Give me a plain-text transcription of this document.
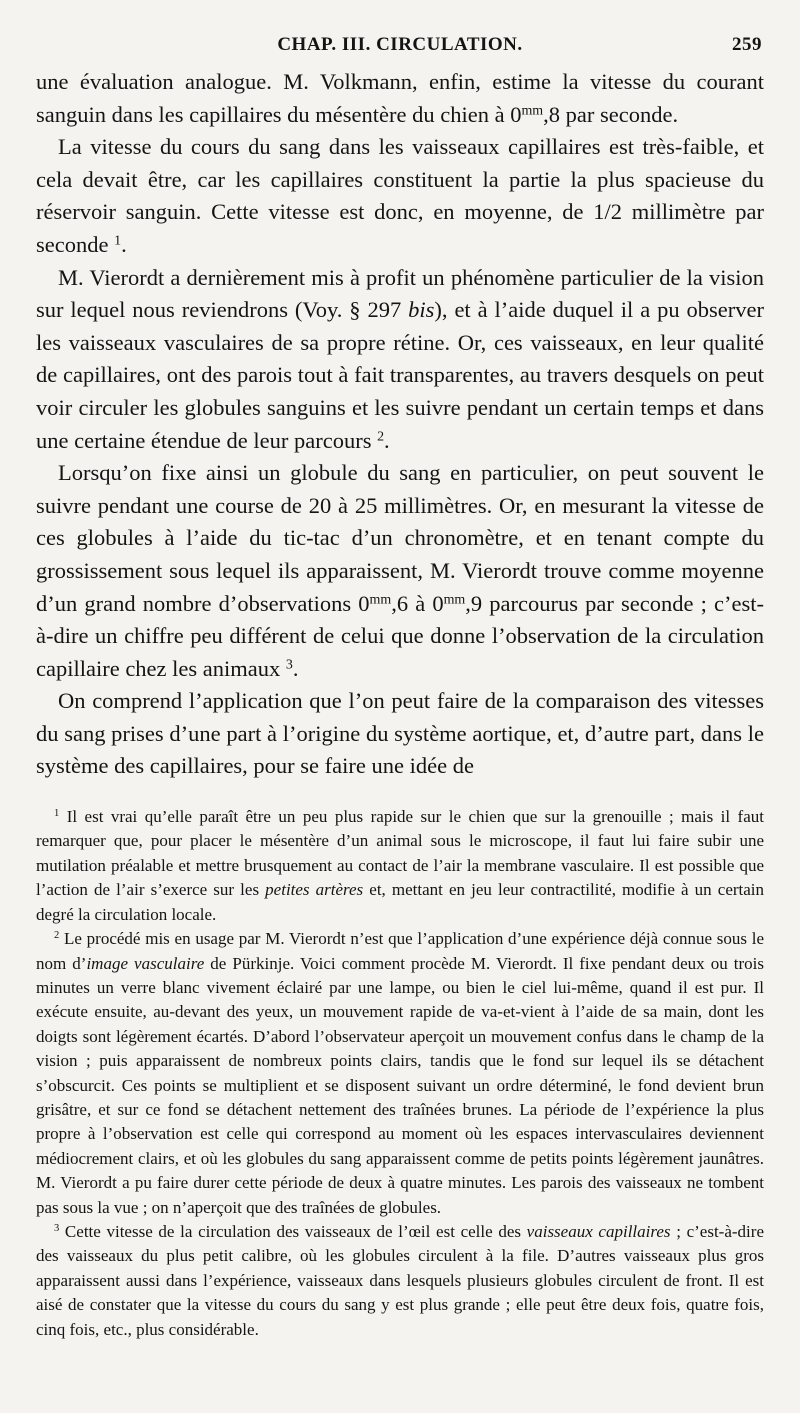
CHAP. III. CIRCULATION.	259

une évaluation analogue. M. Volkmann, enfin, estime la vitesse du courant sanguin dans les capillaires du mésentère du chien à $0^{mm},8$ par seconde.

La vitesse du cours du sang dans les vaisseaux capillaires est très-faible, et cela devait être, car les capillaires constituent la partie la plus spacieuse du réservoir sanguin. Cette vitesse est donc, en moyenne, de 1/2 millimètre par seconde $^1$.

M. Vierordt a dernièrement mis à profit un phénomène particulier de la vision sur lequel nous reviendrons (Voy. § 297 bis), et à l’aide duquel il a pu observer les vaisseaux vasculaires de sa propre rétine. Or, ces vaisseaux, en leur qualité de capillaires, ont des parois tout à fait transparentes, au travers desquels on peut voir circuler les globules sanguins et les suivre pendant un certain temps et dans une certaine étendue de leur parcours $^2$.

Lorsqu’on fixe ainsi un globule du sang en particulier, on peut souvent le suivre pendant une course de 20 à 25 millimètres. Or, en mesurant la vitesse de ces globules à l’aide du tic-tac d’un chronomètre, et en tenant compte du grossissement sous lequel ils apparaissent, M. Vierordt trouve comme moyenne d’un grand nombre d’observations $0^{mm},6$ à $0^{mm},9$ parcourus par seconde ; c’est-à-dire un chiffre peu différent de celui que donne l’observation de la circulation capillaire chez les animaux $^3$.

On comprend l’application que l’on peut faire de la comparaison des vitesses du sang prises d’une part à l’origine du système aortique, et, d’autre part, dans le système des capillaires, pour se faire une idée de

$^1$ Il est vrai qu’elle paraît être un peu plus rapide sur le chien que sur la grenouille ; mais il faut remarquer que, pour placer le mésentère d’un animal sous le microscope, il faut lui faire subir une mutilation préalable et mettre brusquement au contact de l’air la membrane vasculaire. Il est possible que l’action de l’air s’exerce sur les petites artères et, mettant en jeu leur contractilité, modifie à un certain degré la circulation locale.

$^2$ Le procédé mis en usage par M. Vierordt n’est que l’application d’une expérience déjà connue sous le nom d’image vasculaire de Pürkinje. Voici comment procède M. Vierordt. Il fixe pendant deux ou trois minutes un verre blanc vivement éclairé par une lampe, ou bien le ciel lui-même, quand il est pur. Il exécute ensuite, au-devant des yeux, un mouvement rapide de va-et-vient à l’aide de sa main, dont les doigts sont légèrement écartés. D’abord l’observateur aperçoit un mouvement confus dans le champ de la vision ; puis apparaissent de nombreux points clairs, tandis que le fond sur lequel ils se détachent s’obscurcit. Ces points se multiplient et se disposent suivant un ordre déterminé, le fond devient brun grisâtre, et sur ce fond se détachent nettement des traînées brunes. La période de l’expérience la plus propre à l’observation est celle qui correspond au moment où les espaces intervasculaires deviennent médiocrement clairs, et où les globules du sang apparaissent comme de petits points légèrement jaunâtres. M. Vierordt a pu faire durer cette période de deux à quatre minutes. Les parois des vaisseaux ne tombent pas sous la vue ; on n’aperçoit que des traînées de globules.

$^3$ Cette vitesse de la circulation des vaisseaux de l’œil est celle des vaisseaux capillaires ; c’est-à-dire des vaisseaux du plus petit calibre, où les globules circulent à la file. D’autres vaisseaux plus gros apparaissent aussi dans l’expérience, vaisseaux dans lesquels plusieurs globules circulent de front. Il est aisé de constater que la vitesse du cours du sang y est plus grande ; elle peut être deux fois, quatre fois, cinq fois, etc., plus considérable.
